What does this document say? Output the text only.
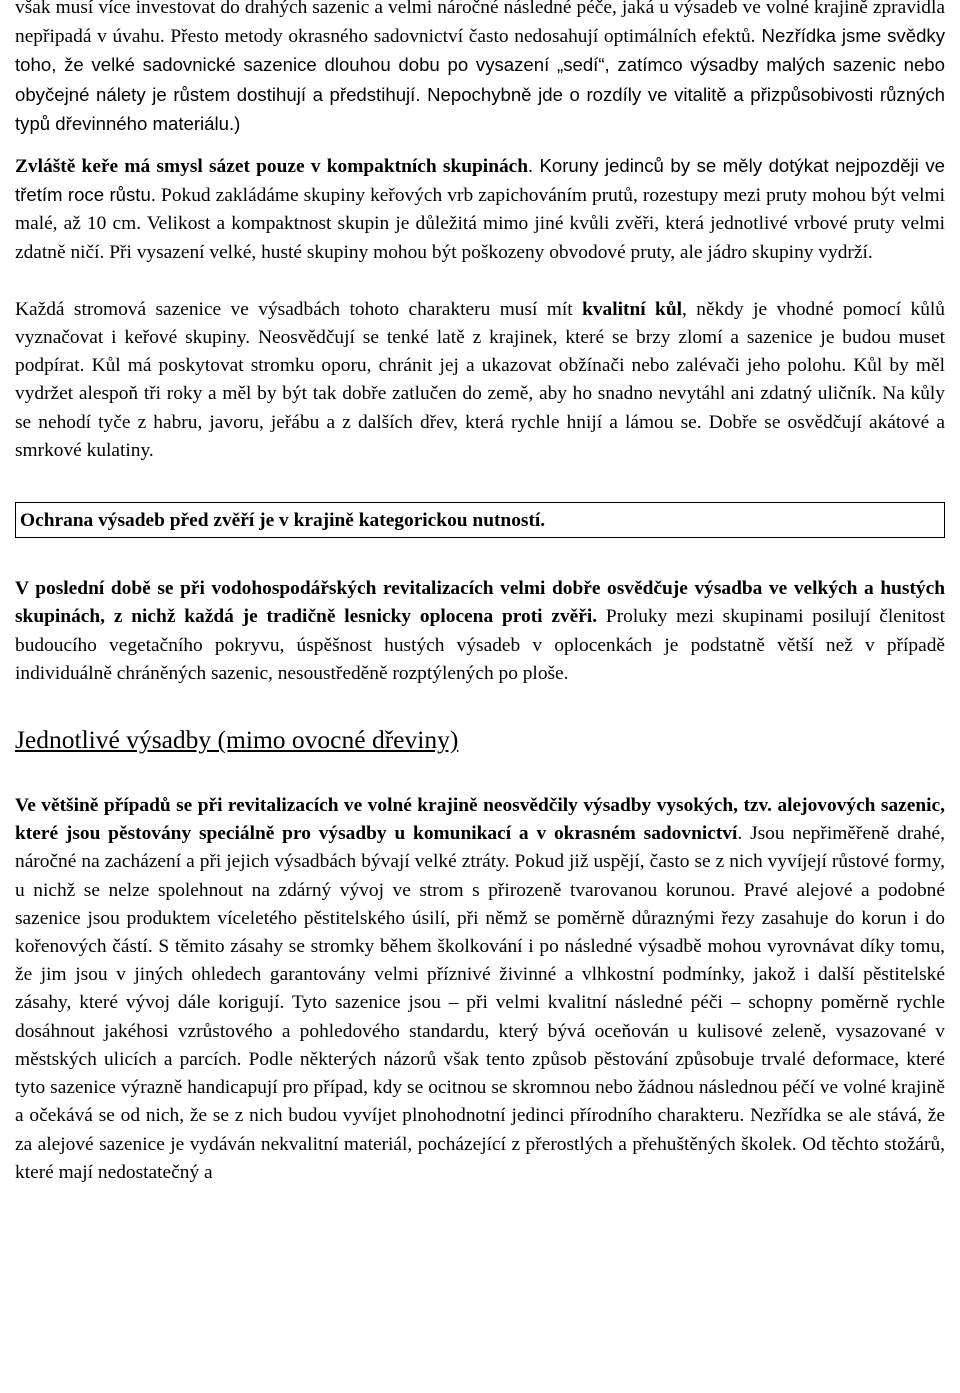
však musí více investovat do drahých sazenic a velmi náročné následné péče, jaká u výsadeb ve volné krajině zpravidla nepřipadá v úvahu. Přesto metody okrasného sadovnictví často nedosahují optimálních efektů. Nezřídka jsme svědky toho, že velké sadovnické sazenice dlouhou dobu po vysazení „sedí“, zatímco výsadby malých sazenic nebo obyčejné nálety je růstem dostihují a předstihují. Nepochybně jde o rozdíly ve vitalitě a přizpůsobivosti různých typů dřevinného materiálu.)

Zvláště keře má smysl sázet pouze v kompaktních skupinách. Koruny jedinců by se měly dotýkat nejpozději ve třetím roce růstu. Pokud zakládáme skupiny keřových vrb zapichováním prutů, rozestupy mezi pruty mohou být velmi malé, až 10 cm. Velikost a kompaktnost skupin je důležitá mimo jiné kvůli zvěři, která jednotlivé vrbové pruty velmi zdatně ničí. Při vysazení velké, husté skupiny mohou být poškozeny obvodové pruty, ale jádro skupiny vydrží.

Každá stromová sazenice ve výsadbách tohoto charakteru musí mít kvalitní kůl, někdy je vhodné pomocí kůlů vyznačovat i keřové skupiny. Neosvědčují se tenké latě z krajinek, které se brzy zlomí a sazenice je budou muset podpírat. Kůl má poskytovat stromku oporu, chránit jej a ukazovat obžínači nebo zalévači jeho polohu. Kůl by měl vydržet alespoň tři roky a měl by být tak dobře zatlučen do země, aby ho snadno nevytáhl ani zdatný uličník. Na kůly se nehodí tyče z habru, javoru, jeřábu a z dalších dřev, která rychle hnijí a lámou se. Dobře se osvědčují akátové a smrkové kulatiny.

Ochrana výsadeb před zvěří je v krajině kategorickou nutností.

V poslední době se při vodohospodářských revitalizacích velmi dobře osvědčuje výsadba ve velkých a hustých skupinách, z nichž každá je tradičně lesnicky oplocena proti zvěři. Proluky mezi skupinami posilují členitost budoucího vegetačního pokryvu, úspěšnost hustých výsadeb v oplocenkách je podstatně větší než v případě individuálně chráněných sazenic, nesoustředěně rozptýlených po ploše.

Jednotlivé výsadby (mimo ovocné dřeviny)

Ve většině případů se při revitalizacích ve volné krajině neosvědčily výsadby vysokých, tzv. alejovových sazenic, které jsou pěstovány speciálně pro výsadby u komunikací a v okrasném sadovnictví. Jsou nepřiměřeně drahé, náročné na zacházení a při jejich výsadbách bývají velké ztráty. Pokud již uspějí, často se z nich vyvíjejí růstové formy, u nichž se nelze spolehnout na zdárný vývoj ve strom s přirozeně tvarovanou korunou. Pravé alejové a podobné sazenice jsou produktem víceletého pěstitelského úsilí, při němž se poměrně důraznými řezy zasahuje do korun i do kořenových částí. S těmito zásahy se stromky během školkování i po následné výsadbě mohou vyrovnávat díky tomu, že jim jsou v jiných ohledech garantovány velmi příznivé živinné a vlhkostní podmínky, jakož i další pěstitelské zásahy, které vývoj dále korigují. Tyto sazenice jsou – při velmi kvalitní následné péči – schopny poměrně rychle dosáhnout jakéhosi vzrůstového a pohledového standardu, který bývá oceňován u kulisové zeleně, vysazované v městských ulicích a parcích. Podle některých názorů však tento způsob pěstování způsobuje trvalé deformace, které tyto sazenice výrazně handicapují pro případ, kdy se ocitnou se skromnou nebo žádnou následnou péčí ve volné krajině a očekává se od nich, že se z nich budou vyvíjet plnohodnotní jedinci přírodního charakteru. Nezřídka se ale stává, že za alejové sazenice je vydáván nekvalitní materiál, pocházející z přerostlých a přehuštěných školek. Od těchto stožárů, které mají nedostatečný a
